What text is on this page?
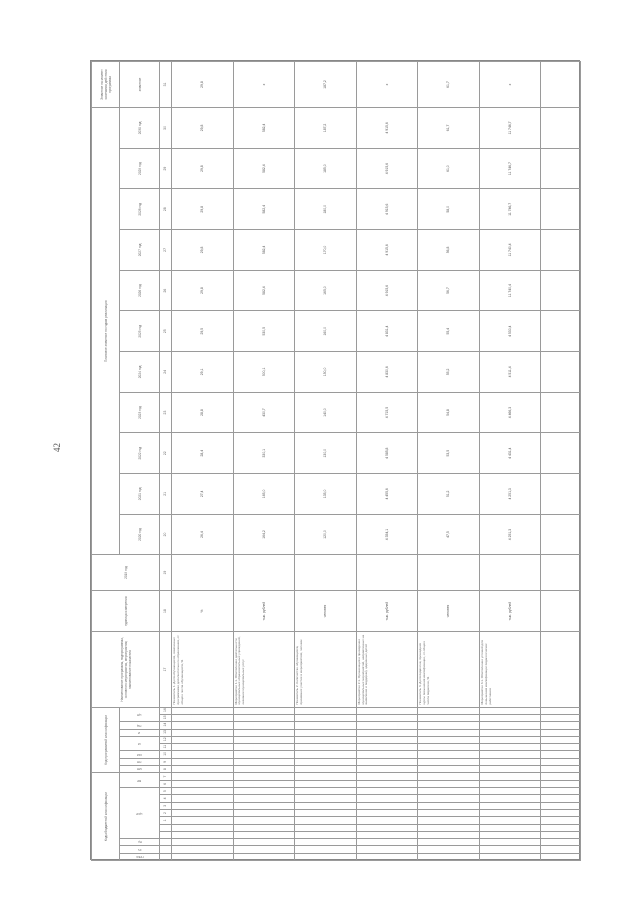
42
Коды бюджетной классификации												Код программной классификации									Наименование программы, подпрограммы, основного мероприятия, мероприятия; наименование показателя	единица измерения	2019 год	Плановое значение по годам реализации											Значение на момент окончания действия программы

ГРБС	Рз	Пр	ЦСР							ВР		МП	ПП	ОМ	М		И	ПЦ	ЦП					2020 год	2021 год	2022 год	2023 год	2024 год	2025 год	2026 год	2027 год	2028 год	2029 год	2030 год	значение
					1	2	3	4	5	6	7	8	9	10	11	12	13	14	15	16	17	18	19	20	21	22	23	24	25	26	27	28	29	30	31
																					Показатель 1. Доля обучающихся, охваченных программами дополнительного образования, от общего числа обучающихся, %	%		26,4	27,4	28,4	28,8	29,1	29,5	29,8	29,8	29,8	29,8	29,8	29,8
																					Мероприятие 1.1. Обеспечение деятельности муниципальных образовательных учреждений, оказание муниципальных услуг	тыс. рублей		164,2	165,0	330,1	430,7	500,1	530,5	582,4	582,4	582,4	582,4	582,4	х
																					Показатель 2. Количество обучающихся, принявших участие в мероприятиях, человек	человек		120,0	135,0	130,0	140,0	150,0	160,0	165,0	170,0	180,0	185,0	187,2	187,2
																					Мероприятие 2.1. Организация и проведение муниципальных мероприятий, направленных на выявление и поддержку одаренных детей	тыс. рублей		4 354,1	4 455,6	4 585,8	4 715,5	4 830,6	4 831,4	4 915,6	4 915,6	4 915,6	4 915,6	4 915,6	х
																					Показатель 3. Доля педагогов, прошедших курсы повышения квалификации, от общего числа педагогов, %	человек		47,5	51,2	53,5	54,8	55,2	55,4	56,7	56,8	58,0	61,0	61,7	61,7
																					Мероприятие 3.1. Обеспечение условий для повышения квалификации педагогических работников	тыс. рублей		4 251,3	4 251,3	4 431,4	4 466,3	4 511,4	4 530,4	11 740,4	11 740,4	11 746,7	11 746,7	11 746,7	х
